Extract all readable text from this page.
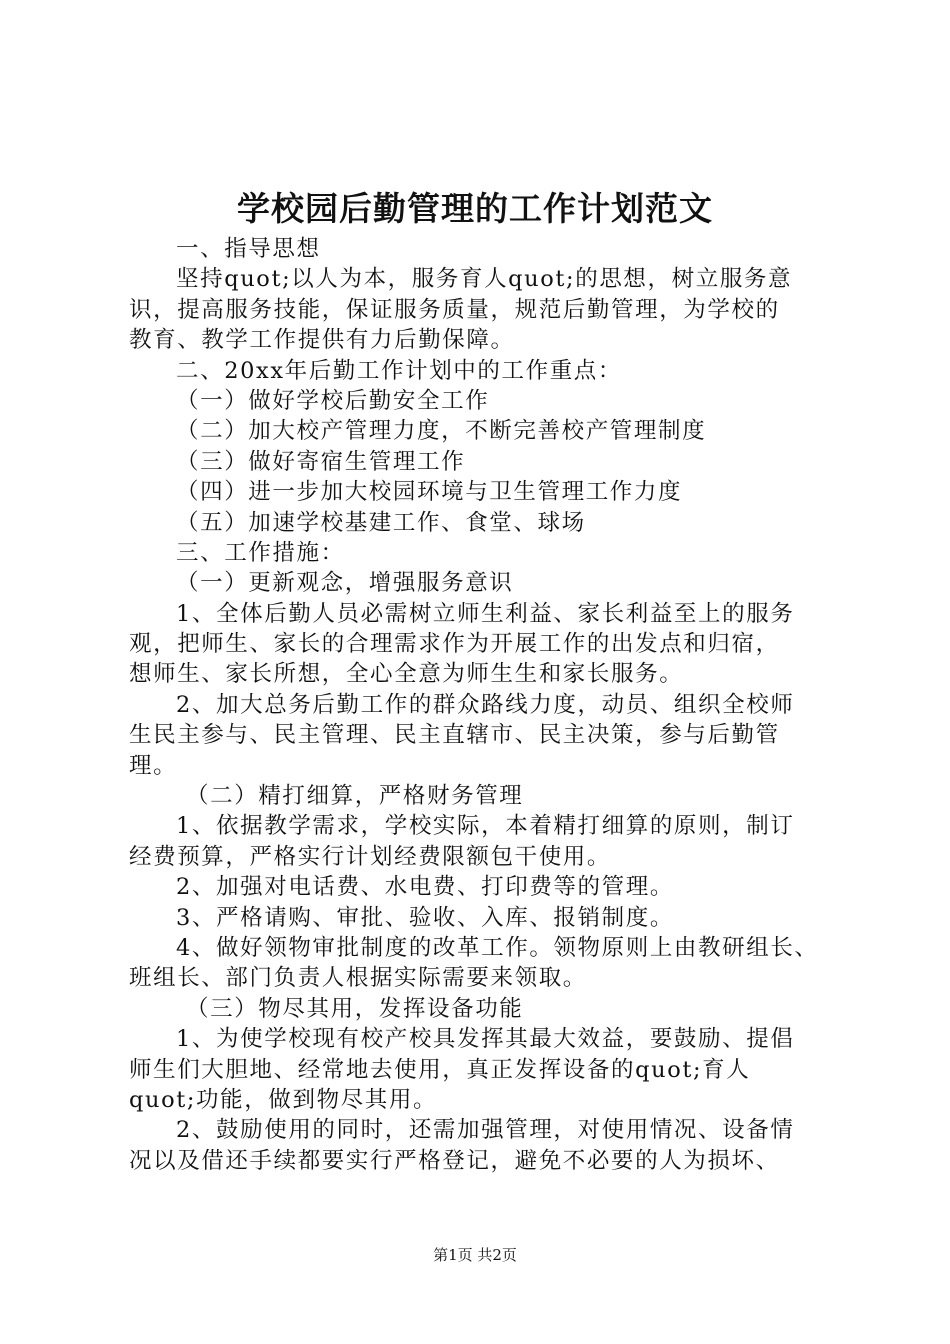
学校园后勤管理的工作计划范文
一、指导思想
坚持quot;以人为本，服务育人quot;的思想，树立服务意
识，提高服务技能，保证服务质量，规范后勤管理，为学校的
教育、教学工作提供有力后勤保障。
二、20xx年后勤工作计划中的工作重点：
（一）做好学校后勤安全工作
（二）加大校产管理力度，不断完善校产管理制度
（三）做好寄宿生管理工作
（四）进一步加大校园环境与卫生管理工作力度
（五）加速学校基建工作、食堂、球场
三、工作措施：
（一）更新观念，增强服务意识
1、全体后勤人员必需树立师生利益、家长利益至上的服务
观，把师生、家长的合理需求作为开展工作的出发点和归宿，
想师生、家长所想，全心全意为师生生和家长服务。
2、加大总务后勤工作的群众路线力度，动员、组织全校师
生民主参与、民主管理、民主直辖市、民主决策，参与后勤管
理。
（二）精打细算，严格财务管理
1、依据教学需求，学校实际，本着精打细算的原则，制订
经费预算，严格实行计划经费限额包干使用。
2、加强对电话费、水电费、打印费等的管理。
3、严格请购、审批、验收、入库、报销制度。
4、做好领物审批制度的改革工作。领物原则上由教研组长、
班组长、部门负责人根据实际需要来领取。
（三）物尽其用，发挥设备功能
1、为使学校现有校产校具发挥其最大效益，要鼓励、提倡
师生们大胆地、经常地去使用，真正发挥设备的quot;育人
quot;功能，做到物尽其用。
2、鼓励使用的同时，还需加强管理，对使用情况、设备情
况以及借还手续都要实行严格登记，避免不必要的人为损坏、
第1页 共2页
